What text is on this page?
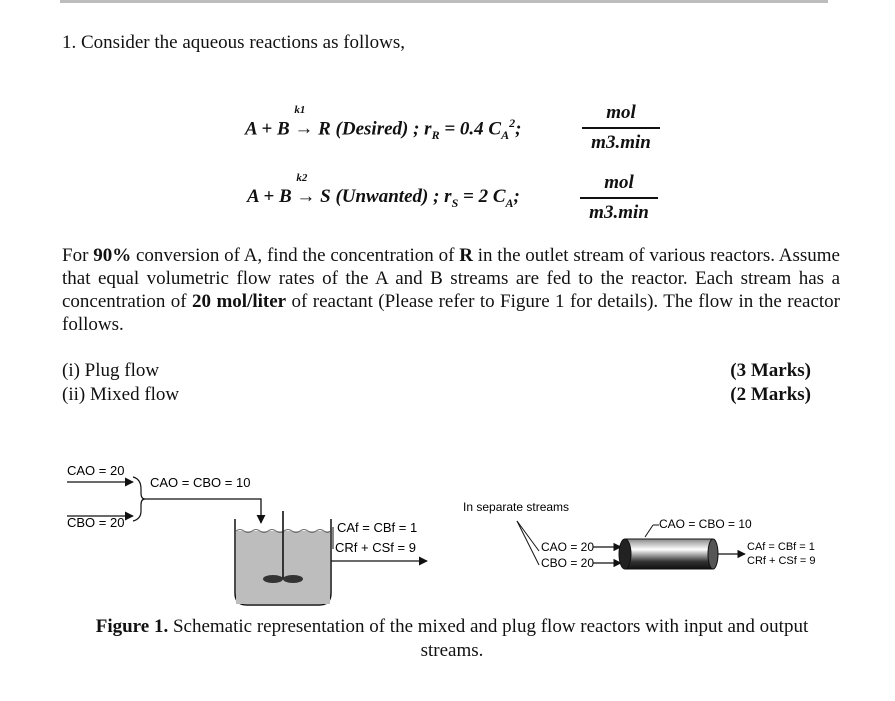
1. Consider the aqueous reactions as follows,
A + B
k1
→ R (Desired) ; $r_R = 0.4$ $C_A^2$;
mol
m3.min
A + B
k2
→ S (Unwanted) ; $r_S = 2$ $C_A$;
mol
m3.min
For 90% conversion of A, find the concentration of R in the outlet stream of various reactors. Assume that equal volumetric flow rates of the A and B streams are fed to the reactor. Each stream has a concentration of 20 mol/liter of reactant (Please refer to Figure 1 for details). The flow in the reactor follows.
(i) Plug flow	(3 Marks)
(ii) Mixed flow	(2 Marks)
CAO = 20
CBO = 20
CAO = CBO = 10
CAf = CBf = 1
CRf + CSf = 9
In separate streams
CAO = 20
CBO = 20
CAO = CBO = 10
CAf = CBf = 1
CRf + CSf = 9
Figure 1. Schematic representation of the mixed and plug flow reactors with input and output streams.
